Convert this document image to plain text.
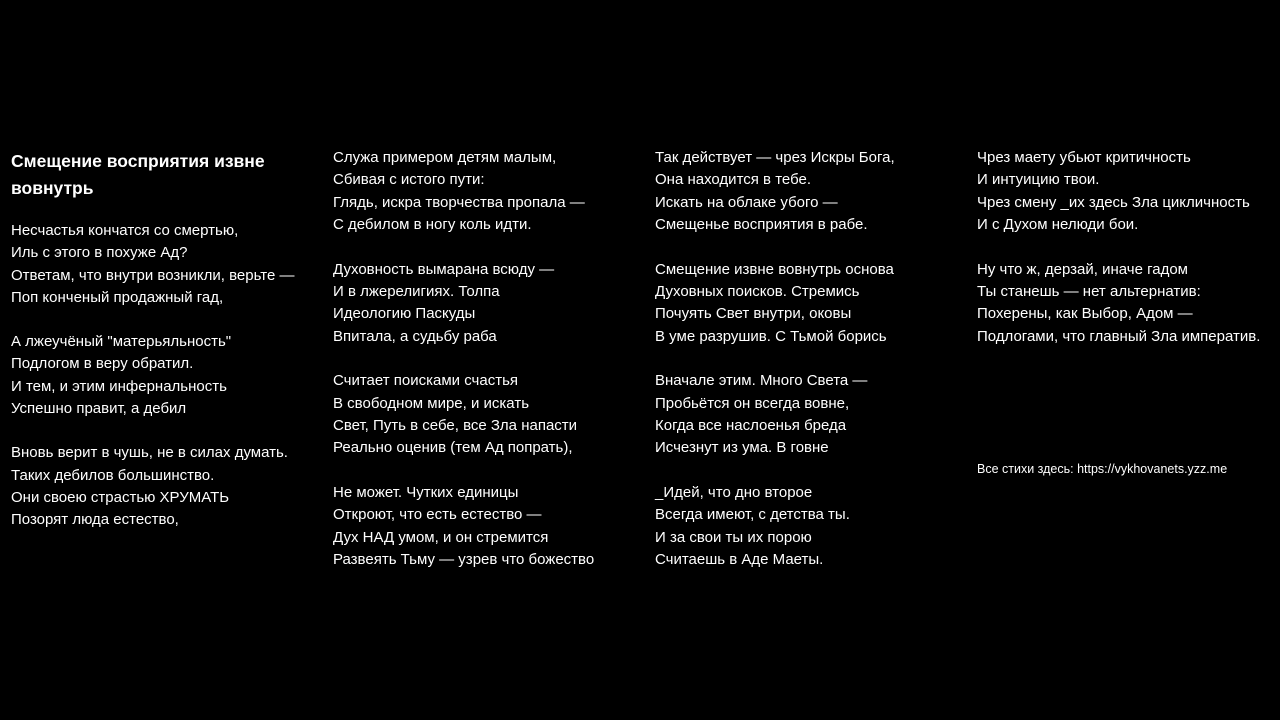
Смещение восприятия извне вовнутрь
Несчастья кончатся со смертью,
Иль с этого в похуже Ад?
Ответам, что внутри возникли, верьте —
Поп конченый продажный гад,
А лжеучёный "матерьяльность"
Подлогом в веру обратил.
И тем, и этим инфернальность
Успешно правит, а дебил
Вновь верит в чушь, не в силах думать.
Таких дебилов большинство.
Они своею страстью ХРУМАТЬ
Позорят люда естество,
Служа примером детям малым,
Сбивая с истого пути:
Глядь, искра творчества пропала —
С дебилом в ногу коль идти.
Духовность вымарана всюду —
И в лжерелигиях. Толпа
Идеологию Паскуды
Впитала, а судьбу раба
Считает поисками счастья
В свободном мире, и искать
Свет, Путь в себе, все Зла напасти
Реально оценив (тем Ад попрать),
Не может. Чутких единицы
Откроют, что есть естество —
Дух НАД умом, и он стремится
Развеять Тьму — узрев что божество
Так действует — чрез Искры Бога,
Она находится в тебе.
Искать на облаке убого —
Смещенье восприятия в рабе.
Смещение извне вовнутрь основа
Духовных поисков. Стремись
Почуять Свет внутри, оковы
В уме разрушив. С Тьмой борись
Вначале этим. Много Света —
Пробьётся он всегда вовне,
Когда все наслоенья бреда
Исчезнут из ума. В говне
_Идей, что дно второе
Всегда имеют, с детства ты.
И за свои ты их порою
Считаешь в Аде Маеты.
Чрез маету убьют критичность
И интуицию твои.
Чрез смену _их здесь Зла цикличность
И с Духом нелюди бои.
Ну что ж, дерзай, иначе гадом
Ты станешь — нет альтернатив:
Похерены, как Выбор, Адом —
Подлогами, что главный Зла императив.
Все стихи здесь: https://vykhovanets.yzz.me
